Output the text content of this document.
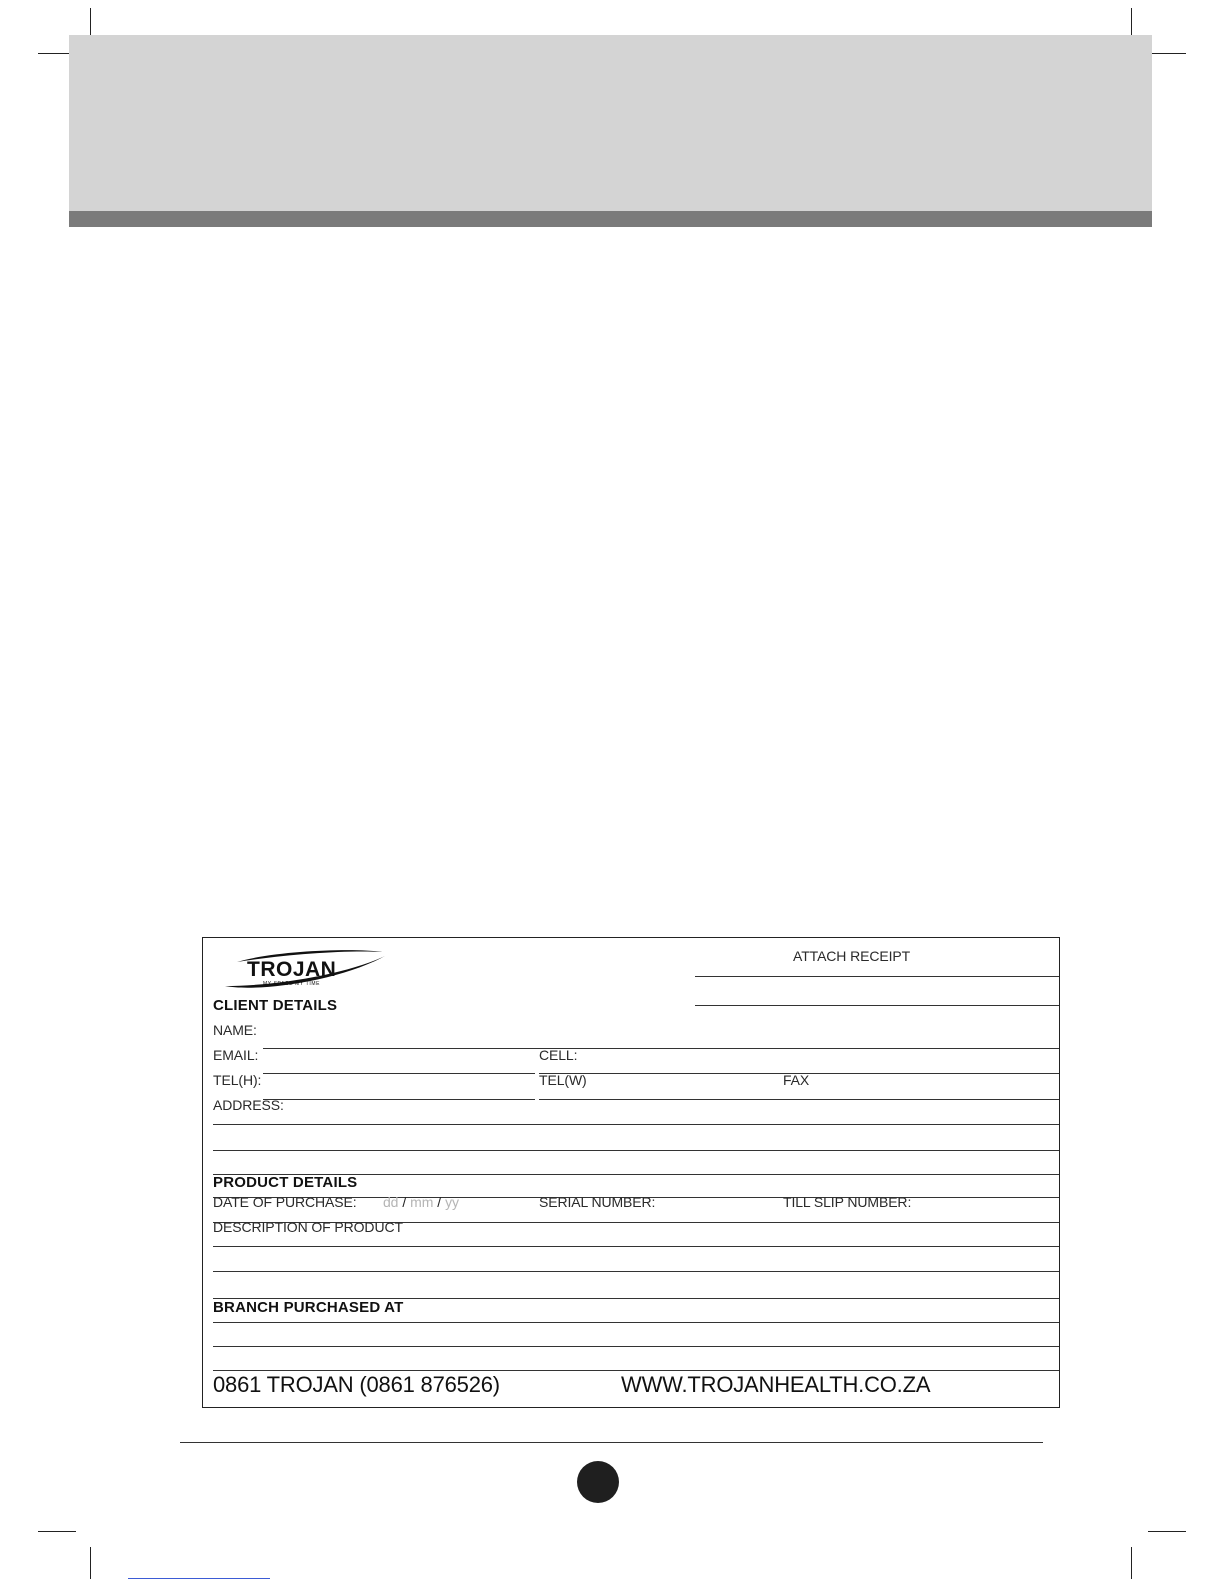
TROJAN
MY SPACE MY TIME
ATTACH RECEIPT
CLIENT DETAILS
NAME:
EMAIL:	CELL:
TEL(H):	TEL(W)	FAX
ADDRESS:
PRODUCT DETAILS
DATE OF PURCHASE: dd / mm / yy	SERIAL NUMBER:	TILL SLIP NUMBER:
DESCRIPTION OF PRODUCT
BRANCH PURCHASED AT
0861 TROJAN (0861 876526)	WWW.TROJANHEALTH.CO.ZA
